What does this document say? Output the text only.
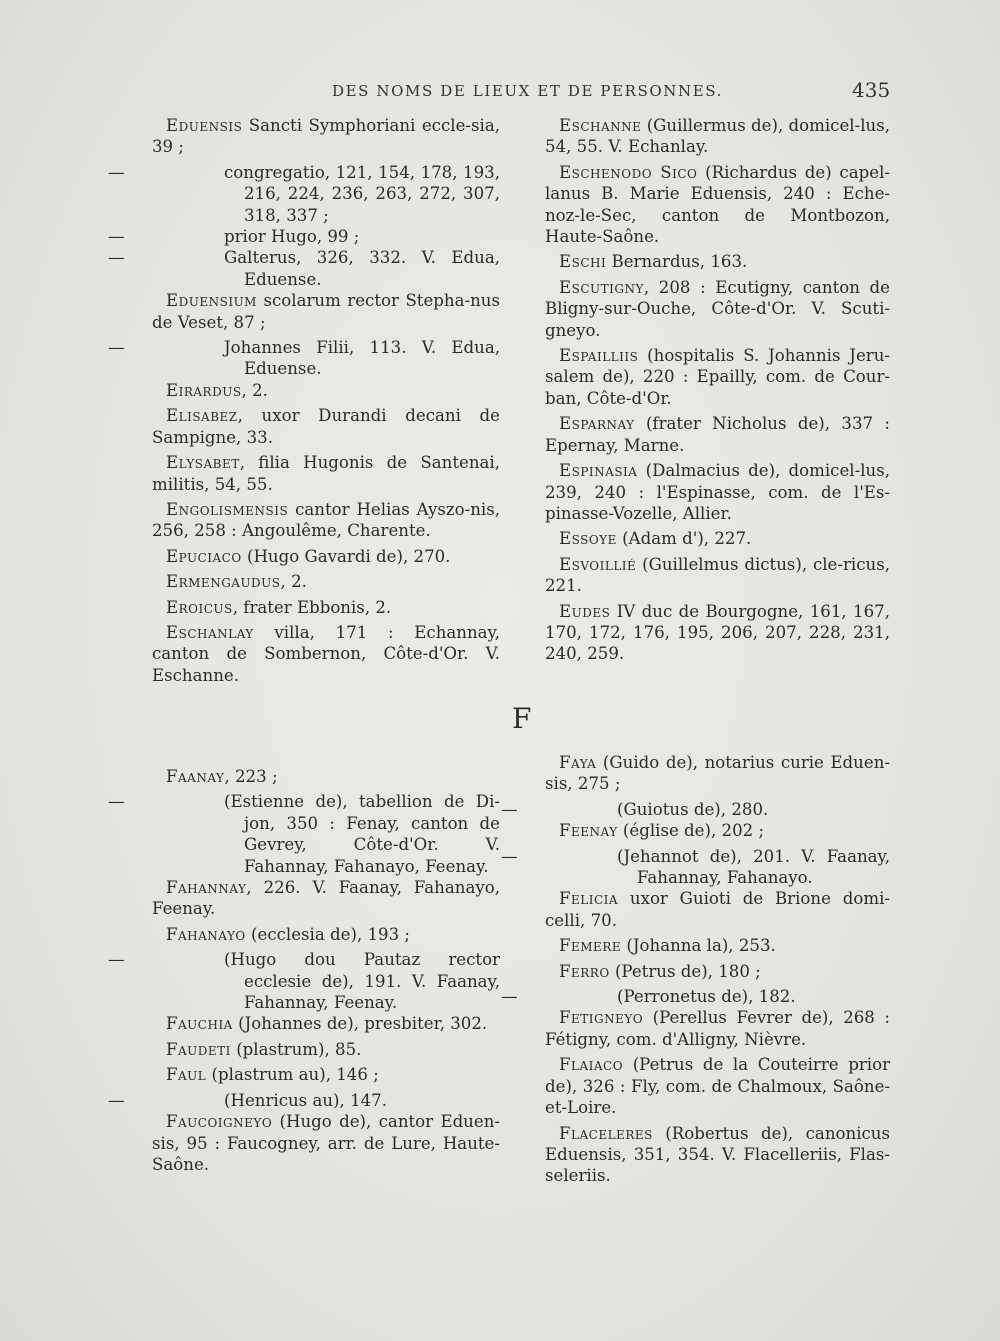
DES NOMS DE LIEUX ET DE PERSONNES.	435

Eduensis Sancti Symphoriani eccle-sia, 39 ;

—	congregatio, 121, 154, 178, 193, 216, 224, 236, 263, 272, 307, 318, 337 ;

—	prior Hugo, 99 ;

—	Galterus, 326, 332. V. Edua, Eduense.

Eduensium scolarum rector Stepha-nus de Veset, 87 ;

—	Johannes Filii, 113. V. Edua, Eduense.

Eirardus, 2.

Elisabez, uxor Durandi decani de Sampigne, 33.

Elysabet, filia Hugonis de Santenai, militis, 54, 55.

Engolismensis cantor Helias Ayszo-nis, 256, 258 : Angoulême, Charente.

Epuciaco (Hugo Gavardi de), 270.

Ermengaudus, 2.

Eroicus, frater Ebbonis, 2.

Eschanlay villa, 171 : Echannay, canton de Sombernon, Côte-d'Or. V. Eschanne.

Eschanne (Guillermus de), domicel-lus, 54, 55. V. Echanlay.

Eschenodo Sico (Richardus de) capel-lanus B. Marie Eduensis, 240 : Eche-noz-le-Sec, canton de Montbozon, Haute-Saône.

Eschi Bernardus, 163.

Escutigny, 208 : Ecutigny, canton de Bligny-sur-Ouche, Côte-d'Or. V. Scuti-gneyo.

Espailliis (hospitalis S. Johannis Jeru-salem de), 220 : Epailly, com. de Cour-ban, Côte-d'Or.

Esparnay (frater Nicholus de), 337 : Epernay, Marne.

Espinasia (Dalmacius de), domicel-lus, 239, 240 : l'Espinasse, com. de l'Es-pinasse-Vozelle, Allier.

Essoye (Adam d'), 227.

Esvoillié (Guillelmus dictus), cle-ricus, 221.

Eudes IV duc de Bourgogne, 161, 167, 170, 172, 176, 195, 206, 207, 228, 231, 240, 259.

F

Faanay, 223 ;

—	(Estienne de), tabellion de Di-jon, 350 : Fenay, canton de Gevrey, Côte-d'Or. V. Fahannay, Fahanayo, Feenay.

Fahannay, 226. V. Faanay, Fahanayo, Feenay.

Fahanayo (ecclesia de), 193 ;

—	(Hugo dou Pautaz rector ecclesie de), 191. V. Faanay, Fahannay, Feenay.

Fauchia (Johannes de), presbiter, 302.

Faudeti (plastrum), 85.

Faul (plastrum au), 146 ;

—	(Henricus au), 147.

Faucoigneyo (Hugo de), cantor Eduen-sis, 95 : Faucogney, arr. de Lure, Haute-Saône.

Faya (Guido de), notarius curie Eduen-sis, 275 ;

—	(Guiotus de), 280.

Feenay (église de), 202 ;

—	(Jehannot de), 201. V. Faanay, Fahannay, Fahanayo.

Felicia uxor Guioti de Brione domi-celli, 70.

Femere (Johanna la), 253.

Ferro (Petrus de), 180 ;

—	(Perronetus de), 182.

Fetigneyo (Perellus Fevrer de), 268 : Fétigny, com. d'Alligny, Nièvre.

Flaiaco (Petrus de la Couteirre prior de), 326 : Fly, com. de Chalmoux, Saône-et-Loire.

Flaceleres (Robertus de), canonicus Eduensis, 351, 354. V. Flacelleriis, Flas-seleriis.
